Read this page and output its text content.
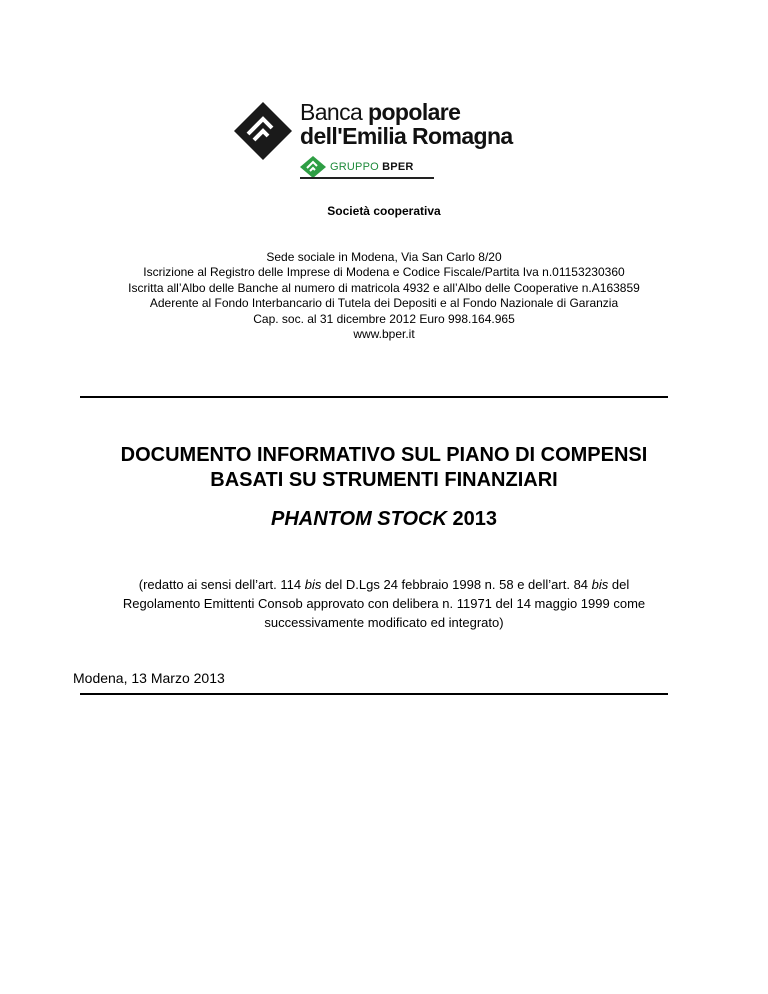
Banca popolare
dell'Emilia Romagna
GRUPPO BPER
Società cooperativa
Sede sociale in Modena, Via San Carlo 8/20
Iscrizione al Registro delle Imprese di Modena e Codice Fiscale/Partita Iva n.01153230360
Iscritta all’Albo delle Banche al numero di matricola 4932 e all’Albo delle Cooperative n.A163859
Aderente al Fondo Interbancario di Tutela dei Depositi e al Fondo Nazionale di Garanzia
Cap. soc. al 31 dicembre 2012 Euro 998.164.965
www.bper.it
DOCUMENTO INFORMATIVO SUL PIANO DI COMPENSI
BASATI SU STRUMENTI FINANZIARI
PHANTOM STOCK 2013
(redatto ai sensi dell’art. 114 bis del D.Lgs 24 febbraio 1998 n. 58 e dell’art. 84 bis del
Regolamento Emittenti Consob approvato con delibera n. 11971 del 14 maggio 1999 come
successivamente modificato ed integrato)
Modena, 13 Marzo 2013
